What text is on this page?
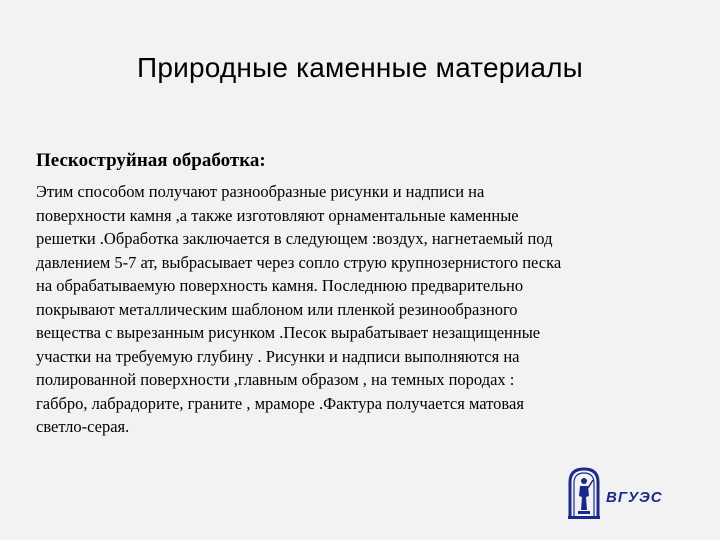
Природные каменные материалы
Пескоструйная обработка:
Этим способом получают разнообразные рисунки и надписи на
поверхности камня ,а также изготовляют орнаментальные каменные
решетки .Обработка заключается в следующем :воздух, нагнетаемый под
давлением 5-7 ат, выбрасывает через сопло струю крупнозернистого песка
на обрабатываемую поверхность камня. Последнюю предварительно
покрывают металлическим шаблоном или пленкой резинообразного
вещества с вырезанным рисунком .Песок вырабатывает незащищенные
участки на требуемую глубину . Рисунки и надписи выполняются на
полированной поверхности ,главным образом , на темных породах :
габбро, лабрадорите, граните , мраморе .Фактура получается матовая
светло-серая.
ВГУЭС
